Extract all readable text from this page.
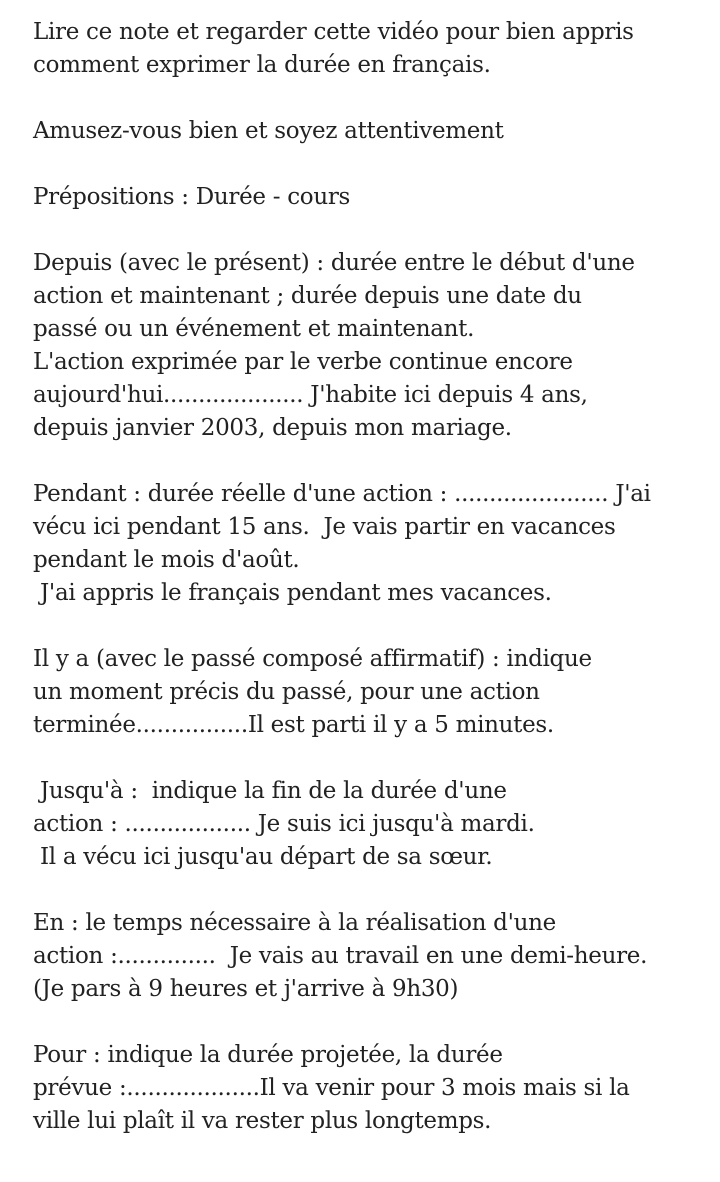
Lire ce note et regarder cette vidéo pour bien appris
comment exprimer la durée en français.

Amusez-vous bien et soyez attentivement

Prépositions : Durée - cours

Depuis (avec le présent) : durée entre le début d'une
action et maintenant ; durée depuis une date du
passé ou un événement et maintenant.
L'action exprimée par le verbe continue encore
aujourd'hui.................... J'habite ici depuis 4 ans,
depuis janvier 2003, depuis mon mariage.

Pendant : durée réelle d'une action : ...................... J'ai
vécu ici pendant 15 ans.  Je vais partir en vacances
pendant le mois d'août.
J'ai appris le français pendant mes vacances.

Il y a (avec le passé composé affirmatif) : indique
un moment précis du passé, pour une action
terminée................Il est parti il y a 5 minutes.

Jusqu'à :  indique la fin de la durée d'une
action : .................. Je suis ici jusqu'à mardi.
Il a vécu ici jusqu'au départ de sa sœur.

En : le temps nécessaire à la réalisation d'une
action :..............  Je vais au travail en une demi-heure.
(Je pars à 9 heures et j'arrive à 9h30)

Pour : indique la durée projetée, la durée
prévue :...................Il va venir pour 3 mois mais si la
ville lui plaît il va rester plus longtemps.
